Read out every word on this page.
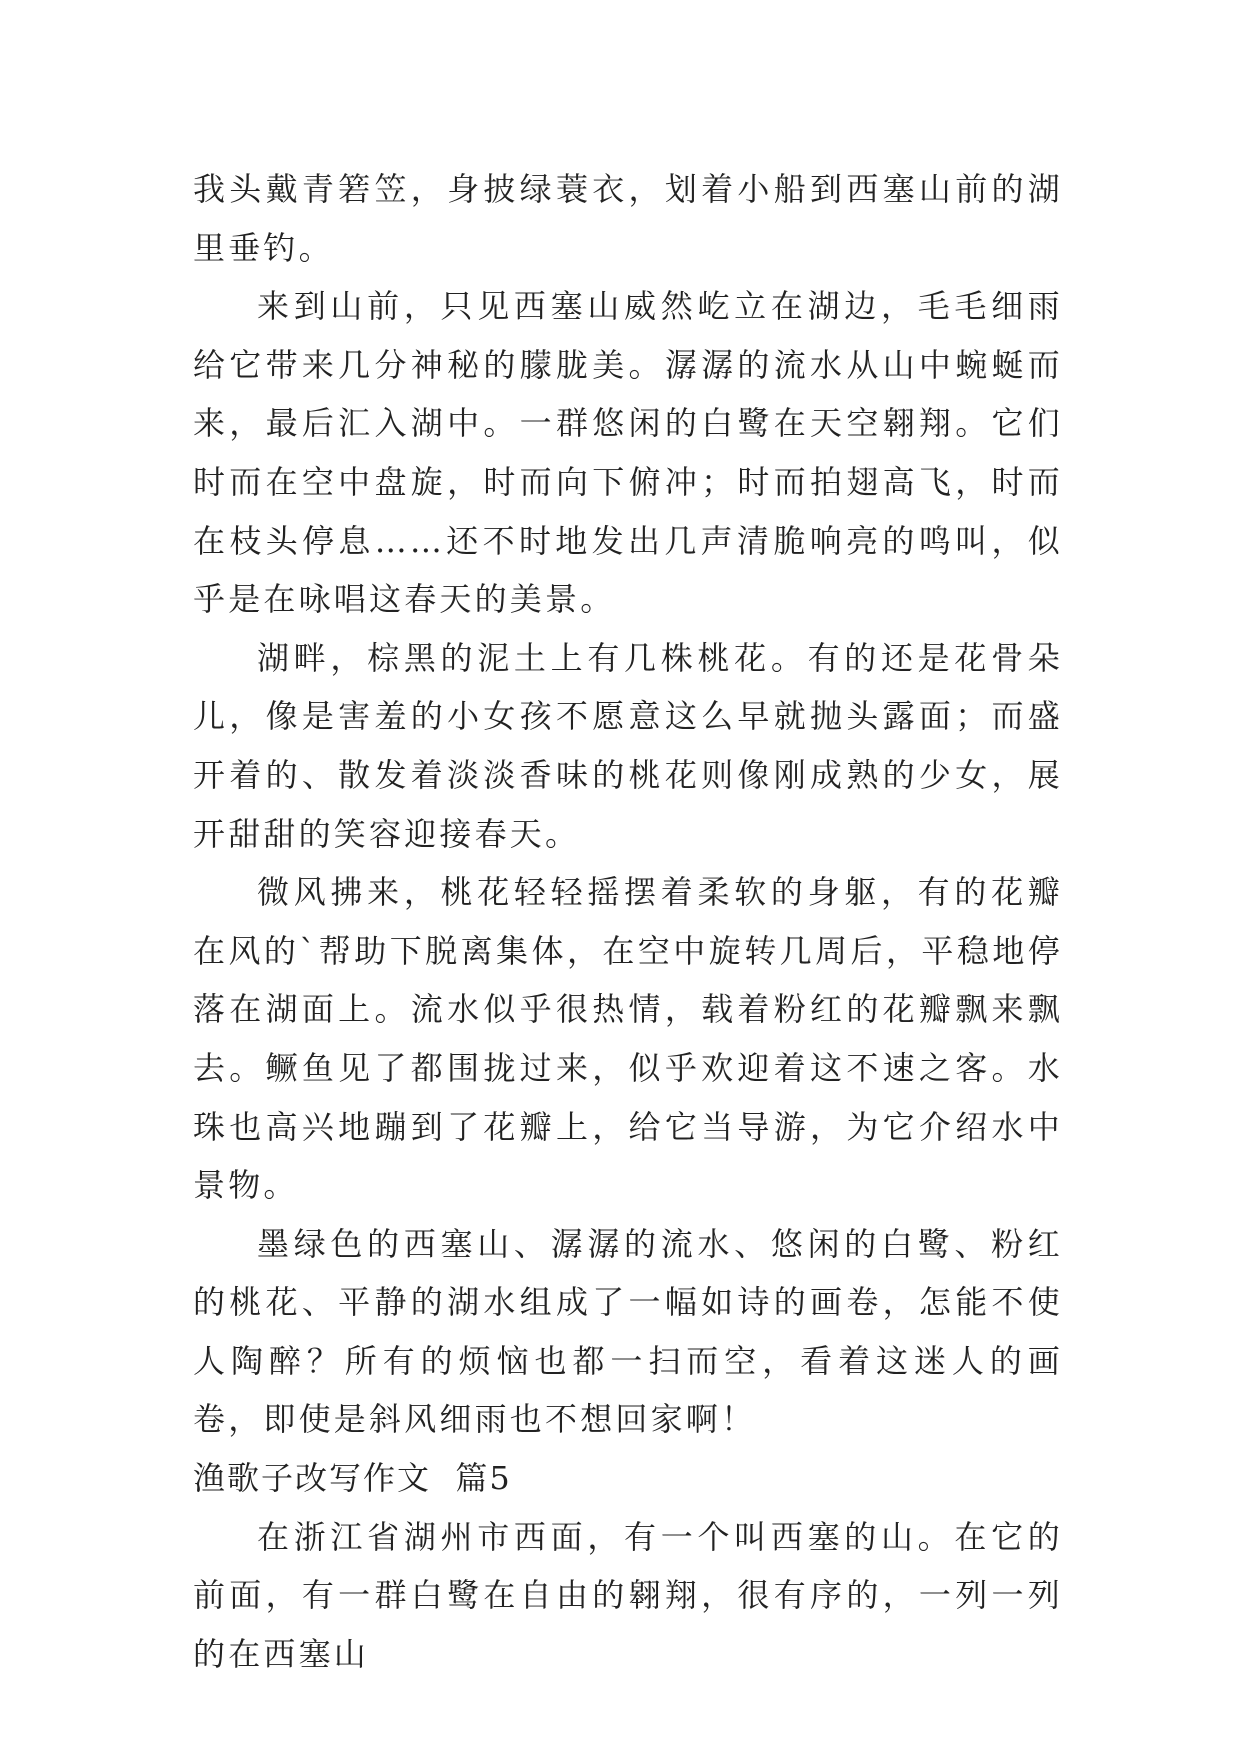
我头戴青箬笠，身披绿蓑衣，划着小船到西塞山前的湖里垂钓。

来到山前，只见西塞山威然屹立在湖边，毛毛细雨给它带来几分神秘的朦胧美。潺潺的流水从山中蜿蜒而来，最后汇入湖中。一群悠闲的白鹭在天空翱翔。它们时而在空中盘旋，时而向下俯冲；时而拍翅高飞，时而在枝头停息……还不时地发出几声清脆响亮的鸣叫，似乎是在咏唱这春天的美景。

湖畔，棕黑的泥土上有几株桃花。有的还是花骨朵儿，像是害羞的小女孩不愿意这么早就抛头露面；而盛开着的、散发着淡淡香味的桃花则像刚成熟的少女，展开甜甜的笑容迎接春天。

微风拂来，桃花轻轻摇摆着柔软的身躯，有的花瓣在风的`帮助下脱离集体，在空中旋转几周后，平稳地停落在湖面上。流水似乎很热情，载着粉红的花瓣飘来飘去。鳜鱼见了都围拢过来，似乎欢迎着这不速之客。水珠也高兴地蹦到了花瓣上，给它当导游，为它介绍水中景物。

墨绿色的西塞山、潺潺的流水、悠闲的白鹭、粉红的桃花、平静的湖水组成了一幅如诗的画卷，怎能不使人陶醉？所有的烦恼也都一扫而空，看着这迷人的画卷，即使是斜风细雨也不想回家啊！

渔歌子改写作文  篇5

在浙江省湖州市西面，有一个叫西塞的山。在它的前面，有一群白鹭在自由的翱翔，很有序的，一列一列的在西塞山
